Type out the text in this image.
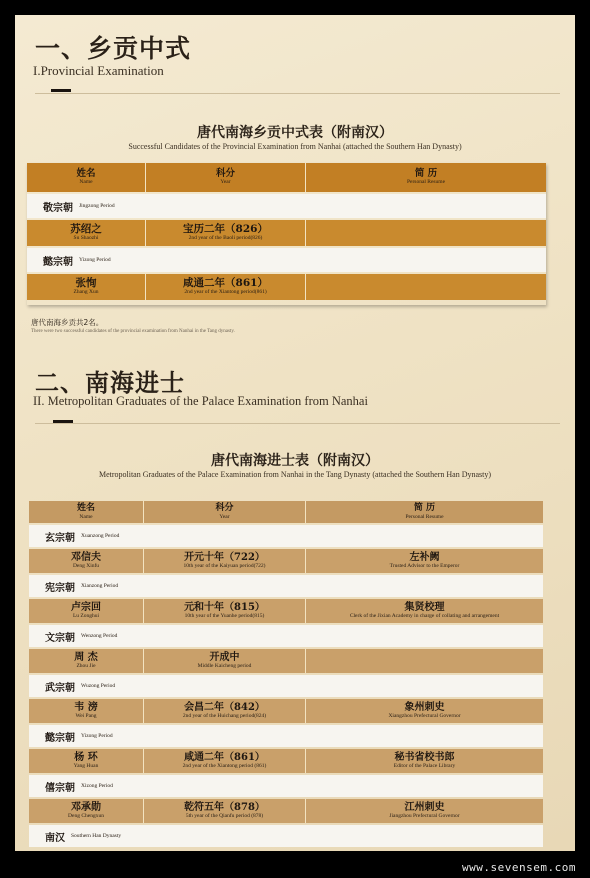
一、乡贡中式
I.Provincial Examination
唐代南海乡贡中式表（附南汉）
Successful Candidates of the Provincial Examination from Nanhai (attached the Southern Han Dynasty)
姓名
Name
科分
Year
简 历
Personal Resume
敬宗朝 Jingzong Period
苏绍之
Su Shaozhi
宝历二年（826）
2nd year of the Baoli period(826)
懿宗朝 Yizong Period
张恂
Zhang Xun
咸通二年（861）
2nd year of the Xiantong period(861)
唐代南海乡贡共2名。
There were two successful candidates of the provincial examination from Nanhai in the Tang dynasty.
二、南海进士
II. Metropolitan Graduates of the Palace Examination from Nanhai
唐代南海进士表（附南汉）
Metropolitan Graduates of the Palace Examination from Nanhai in the Tang Dynasty (attached the Southern Han Dynasty)
姓名
Name
科分
Year
简 历
Personal Resume
玄宗朝 Xuanzong Period
邓信夫
Deng Xinfu
开元十年（722）
10th year of the Kaiyuan period(722)
左补阙
Trusted Advisor to the Emperor
宪宗朝 Xianzong Period
卢宗回
Lu Zonghui
元和十年（815）
10th year of the Yuanhe period(815)
集贤校理
Clerk of the Jixian Academy in charge of collating and arrangement
文宗朝 Wenzong Period
周 杰
Zhou Jie
开成中
Middle Kaicheng period
武宗朝 Wuzong Period
韦 滂
Wei Pang
会昌二年（842）
2nd year of the Huichang period(824)
象州刺史
Xiangzhou Prefectural Governor
懿宗朝 Yizong Period
杨 环
Yang Huan
咸通二年（861）
2nd year of the Xiantong period (861)
秘书省校书郎
Editor of the Palace Library
僖宗朝 Xizong Period
邓承勋
Deng Chengxun
乾符五年（878）
5th year of the Qianfu period (878)
江州刺史
Jiangzhou Prefectural Governor
南汉 Southern Han Dynasty
www.sevensem.com
